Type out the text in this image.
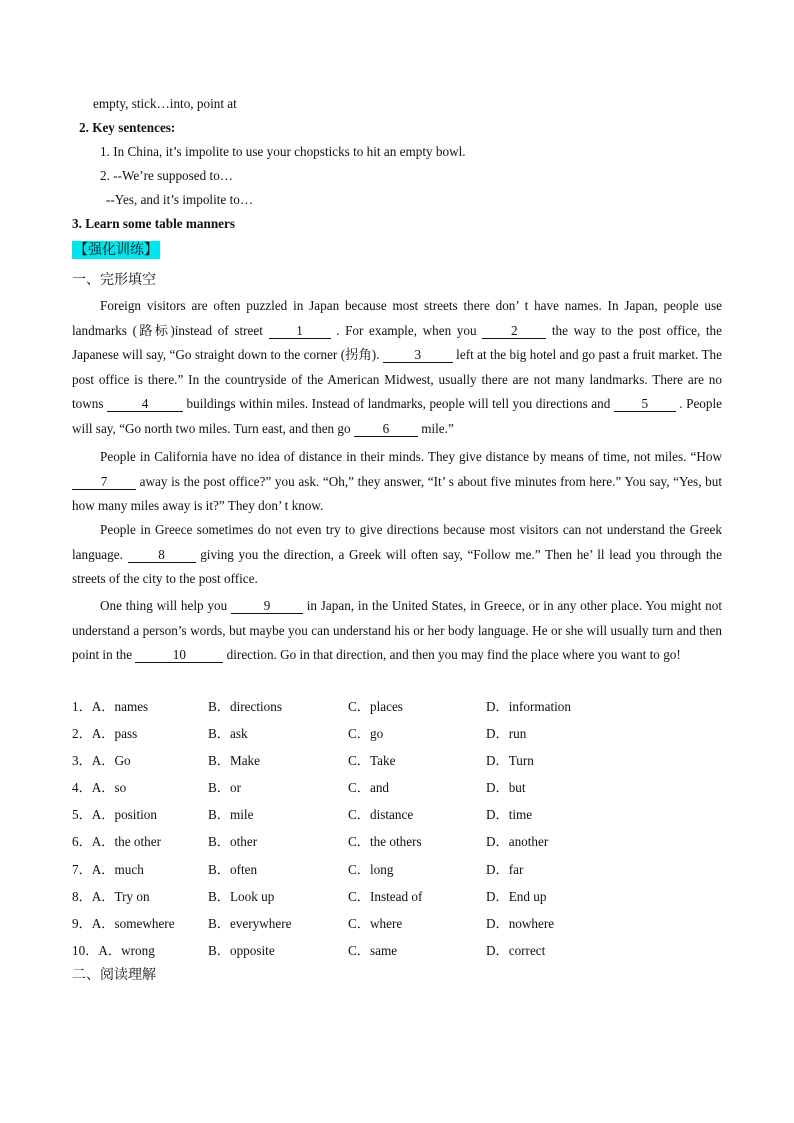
empty, stick…into, point at
2. Key sentences:
1. In China, it’s impolite to use your chopsticks to hit an empty bowl.
2. --We’re supposed to…
--Yes, and it’s impolite to…
3. Learn some table manners
【强化训练】
一、完形填空
Foreign visitors are often puzzled in Japan because most streets there don’ t have names. In Japan, people use landmarks (路标)instead of street 1 . For example, when you 2 the way to the post office, the Japanese will say, “Go straight down to the corner (拐角). 3 left at the big hotel and go past a fruit market. The post office is there.” In the countryside of the American Midwest, usually there are not many landmarks. There are no towns	4	buildings within miles. Instead of landmarks, people will tell you directions and 5 . People will say, “Go north two miles. Turn east, and then go 6 mile.”
People in California have no idea of distance in their minds. They give distance by means of time, not miles. “How 7 away is the post office?” you ask. “Oh,” they answer, “It’ s about five minutes from here.” You say, “Yes, but how many miles away is it?” They don’ t know.
People in Greece sometimes do not even try to give directions because most visitors can not understand the Greek language. 8 giving you the direction, a Greek will often say, “Follow me.” Then he’ ll lead you through the streets of the city to the post office.
One thing will help you 9 in Japan, in the United States, in Greece, or in any other place. You might not understand a person’s words, but maybe you can understand his or her body language. He or she will usually turn and then point in the	10	direction. Go in that direction, and then you may find the place where you want to go!
1．A．names	B．directions	C．places	D．information
2．A．pass	B．ask	C．go	D．run
3．A．Go	B．Make	C．Take	D．Turn
4．A．so	B．or	C．and	D．but
5．A．position	B．mile	C．distance	D．time
6．A．the other	B．other	C．the others	D．another
7．A．much	B．often	C．long	D．far
8．A．Try on	B．Look up	C．Instead of	D．End up
9．A．somewhere	B．everywhere	C．where	D．nowhere
10．A．wrong	B．opposite	C．same	D．correct
二、阅读理解
